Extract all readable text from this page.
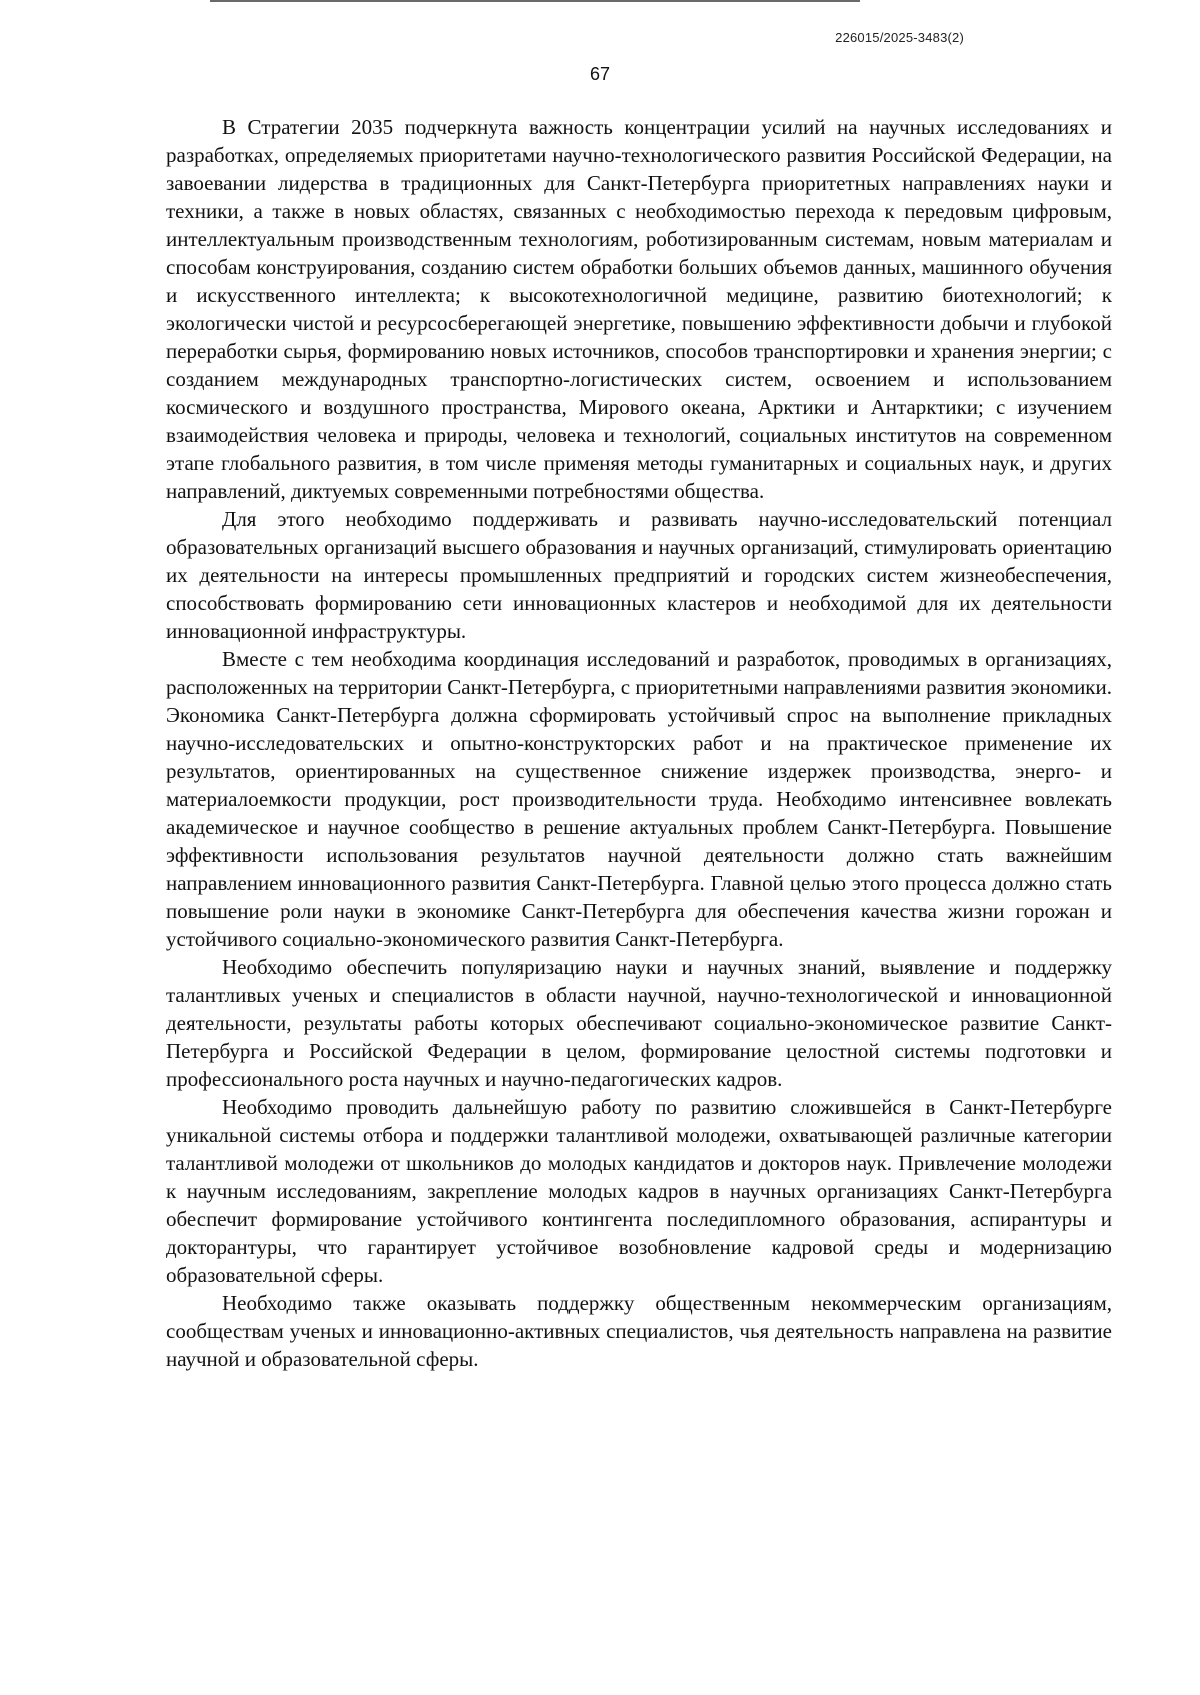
226015/2025-3483(2)
67

В Стратегии 2035 подчеркнута важность концентрации усилий на научных исследованиях и разработках, определяемых приоритетами научно-технологического развития Российской Федерации, на завоевании лидерства в традиционных для Санкт-Петербурга приоритетных направлениях науки и техники, а также в новых областях, связанных с необходимостью перехода к передовым цифровым, интеллектуальным производственным технологиям, роботизированным системам, новым материалам и способам конструирования, созданию систем обработки больших объемов данных, машинного обучения и искусственного интеллекта; к высокотехнологичной медицине, развитию биотехнологий; к экологически чистой и ресурсосберегающей энергетике, повышению эффективности добычи и глубокой переработки сырья, формированию новых источников, способов транспортировки и хранения энергии; с созданием международных транспортно-логистических систем, освоением и использованием космического и воздушного пространства, Мирового океана, Арктики и Антарктики; с изучением взаимодействия человека и природы, человека и технологий, социальных институтов на современном этапе глобального развития, в том числе применяя методы гуманитарных и социальных наук, и других направлений, диктуемых современными потребностями общества.

Для этого необходимо поддерживать и развивать научно-исследовательский потенциал образовательных организаций высшего образования и научных организаций, стимулировать ориентацию их деятельности на интересы промышленных предприятий и городских систем жизнеобеспечения, способствовать формированию сети инновационных кластеров и необходимой для их деятельности инновационной инфраструктуры.

Вместе с тем необходима координация исследований и разработок, проводимых в организациях, расположенных на территории Санкт-Петербурга, с приоритетными направлениями развития экономики. Экономика Санкт-Петербурга должна сформировать устойчивый спрос на выполнение прикладных научно-исследовательских и опытно-конструкторских работ и на практическое применение их результатов, ориентированных на существенное снижение издержек производства, энерго- и материалоемкости продукции, рост производительности труда. Необходимо интенсивнее вовлекать академическое и научное сообщество в решение актуальных проблем Санкт-Петербурга. Повышение эффективности использования результатов научной деятельности должно стать важнейшим направлением инновационного развития Санкт-Петербурга. Главной целью этого процесса должно стать повышение роли науки в экономике Санкт-Петербурга для обеспечения качества жизни горожан и устойчивого социально-экономического развития Санкт-Петербурга.

Необходимо обеспечить популяризацию науки и научных знаний, выявление и поддержку талантливых ученых и специалистов в области научной, научно-технологической и инновационной деятельности, результаты работы которых обеспечивают социально-экономическое развитие Санкт-Петербурга и Российской Федерации в целом, формирование целостной системы подготовки и профессионального роста научных и научно-педагогических кадров.

Необходимо проводить дальнейшую работу по развитию сложившейся в Санкт-Петербурге уникальной системы отбора и поддержки талантливой молодежи, охватывающей различные категории талантливой молодежи от школьников до молодых кандидатов и докторов наук. Привлечение молодежи к научным исследованиям, закрепление молодых кадров в научных организациях Санкт-Петербурга обеспечит формирование устойчивого контингента последипломного образования, аспирантуры и докторантуры, что гарантирует устойчивое возобновление кадровой среды и модернизацию образовательной сферы.

Необходимо также оказывать поддержку общественным некоммерческим организациям, сообществам ученых и инновационно-активных специалистов, чья деятельность направлена на развитие научной и образовательной сферы.
